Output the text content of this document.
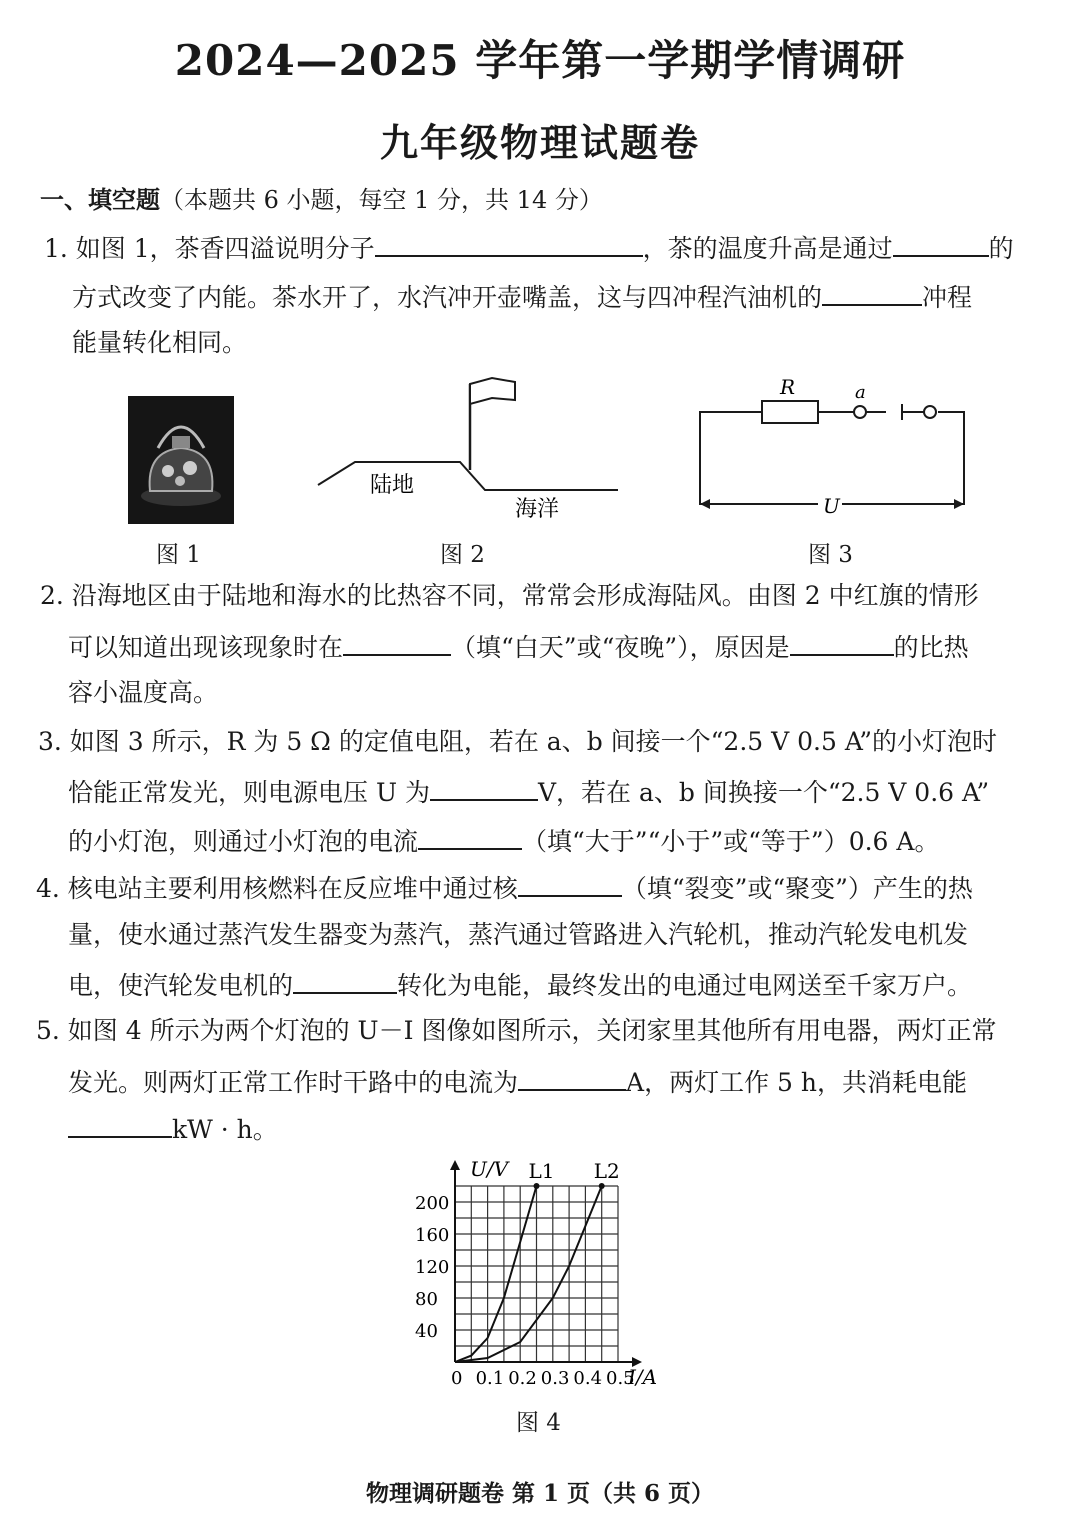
2024—2025 学年第一学期学情调研
九年级物理试题卷
一、填空题（本题共 6 小题，每空 1 分，共 14 分）
1. 如图 1，茶香四溢说明分子	，茶的温度升高是通过	的
方式改变了内能。茶水开了，水汽冲开壶嘴盖，这与四冲程汽油机的	冲程
能量转化相同。
图 1
陆地
海洋
图 2
R	a
U
图 3
2. 沿海地区由于陆地和海水的比热容不同，常常会形成海陆风。由图 2 中红旗的情形
可以知道出现该现象时在	（填“白天”或“夜晚”），原因是	的比热
容小温度高。
3. 如图 3 所示，R 为 5 Ω 的定值电阻，若在 a、b 间接一个“2.5 V 0.5 A”的小灯泡时
恰能正常发光，则电源电压 U 为	V，若在 a、b 间换接一个“2.5 V 0.6 A”
的小灯泡，则通过小灯泡的电流	（填“大于”“小于”或“等于”）0.6 A。
4. 核电站主要利用核燃料在反应堆中通过核	（填“裂变”或“聚变”）产生的热
量，使水通过蒸汽发生器变为蒸汽，蒸汽通过管路进入汽轮机，推动汽轮发电机发
电，使汽轮发电机的	转化为电能，最终发出的电通过电网送至千家万户。
5. 如图 4 所示为两个灯泡的 U－I 图像如图所示，关闭家里其他所有用电器，两灯正常
发光。则两灯正常工作时干路中的电流为	A，两灯工作 5 h，共消耗电能
kW · h。
0 0.1 0.2 0.3 0.4 0.5
40
80
120
160
200
L1 L2
U/V
I/A
图 4
物理调研题卷 第 1 页（共 6 页）
